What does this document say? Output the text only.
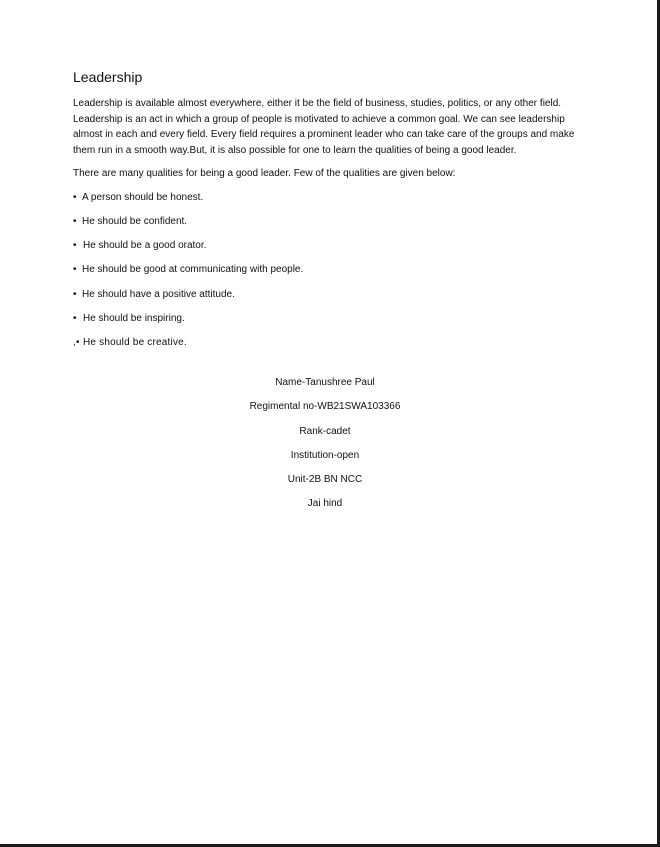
Leadership

Leadership is available almost everywhere, either it be the field of business, studies, politics, or any other field. Leadership is an act in which a group of people is motivated to achieve a common goal. We can see leadership almost in each and every field. Every field requires a prominent leader who can take care of the groups and make them run in a smooth way.But, it is also possible for one to learn the qualities of being a good leader.

There are many qualities for being a good leader. Few of the qualities are given below:

• A person should be honest.
• He should be confident.
• He should be a good orator.
• He should be good at communicating with people.
• He should have a positive attitude.
• He should be inspiring.
,• He should be creative.

Name-Tanushree Paul

Regimental no-WB21SWA103366

Rank-cadet

Institution-open

Unit-2B BN NCC

Jai hind
